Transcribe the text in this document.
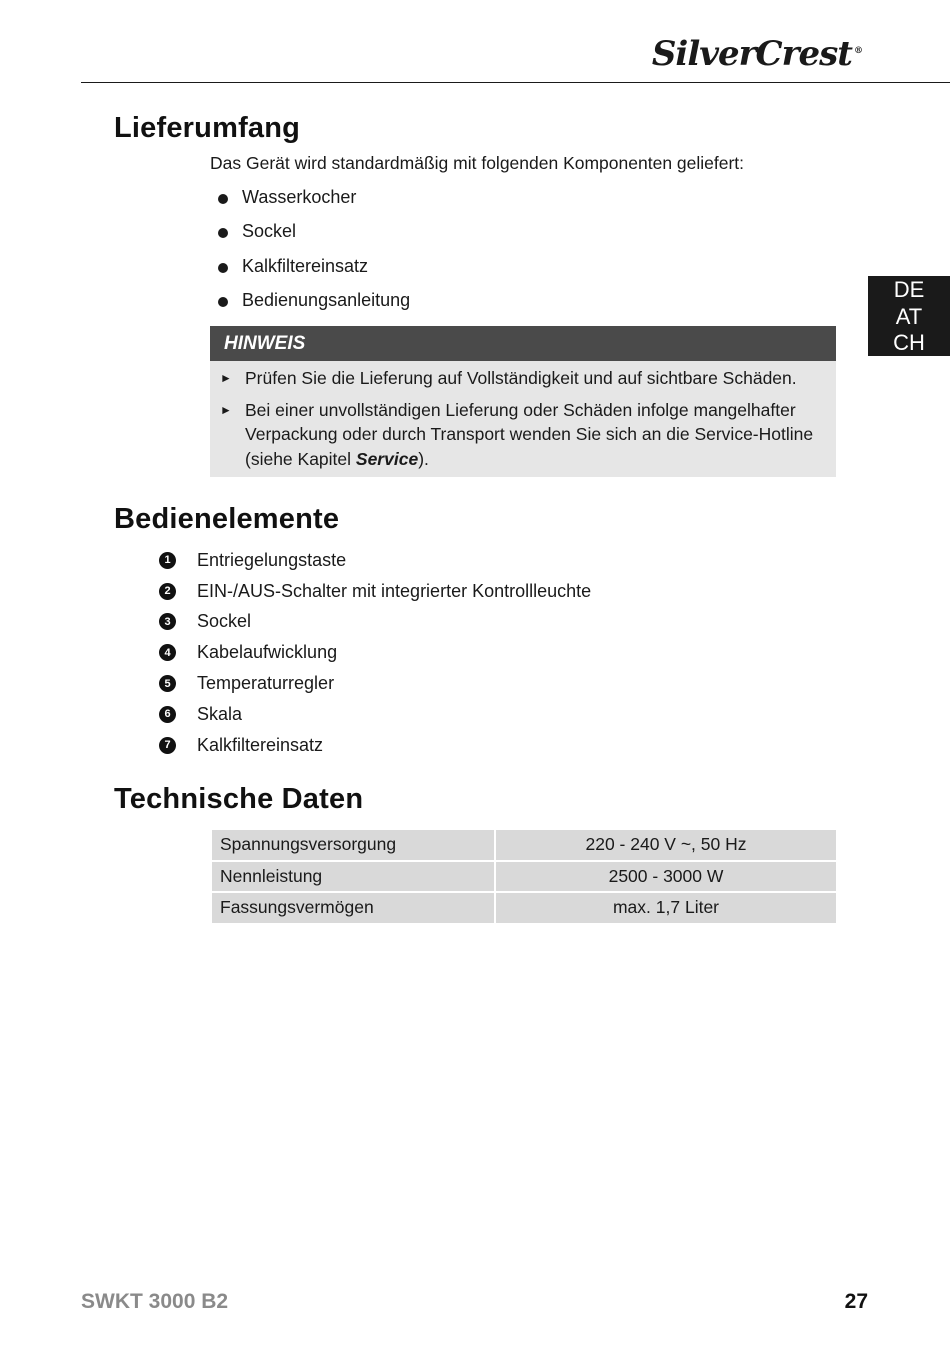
SilverCrest ®
DE
AT
CH
Lieferumfang
Das Gerät wird standardmäßig mit folgenden Komponenten geliefert:
Wasserkocher
Sockel
Kalkfiltereinsatz
Bedienungsanleitung
HINWEIS
► Prüfen Sie die Lieferung auf Vollständigkeit und auf sichtbare Schäden.
► Bei einer unvollständigen Lieferung oder Schäden infolge mangelhafter Verpackung oder durch Transport wenden Sie sich an die Service-Hotline (siehe Kapitel Service).
Bedienelemente
1	Entriegelungstaste
2	EIN-/AUS-Schalter mit integrierter Kontrollleuchte
3	Sockel
4	Kabelaufwicklung
5	Temperaturregler
6	Skala
7	Kalkfiltereinsatz
Technische Daten
Spannungsversorgung	220 - 240 V ~, 50 Hz
Nennleistung	2500 - 3000 W
Fassungsvermögen	max. 1,7 Liter
SWKT 3000 B2	27
